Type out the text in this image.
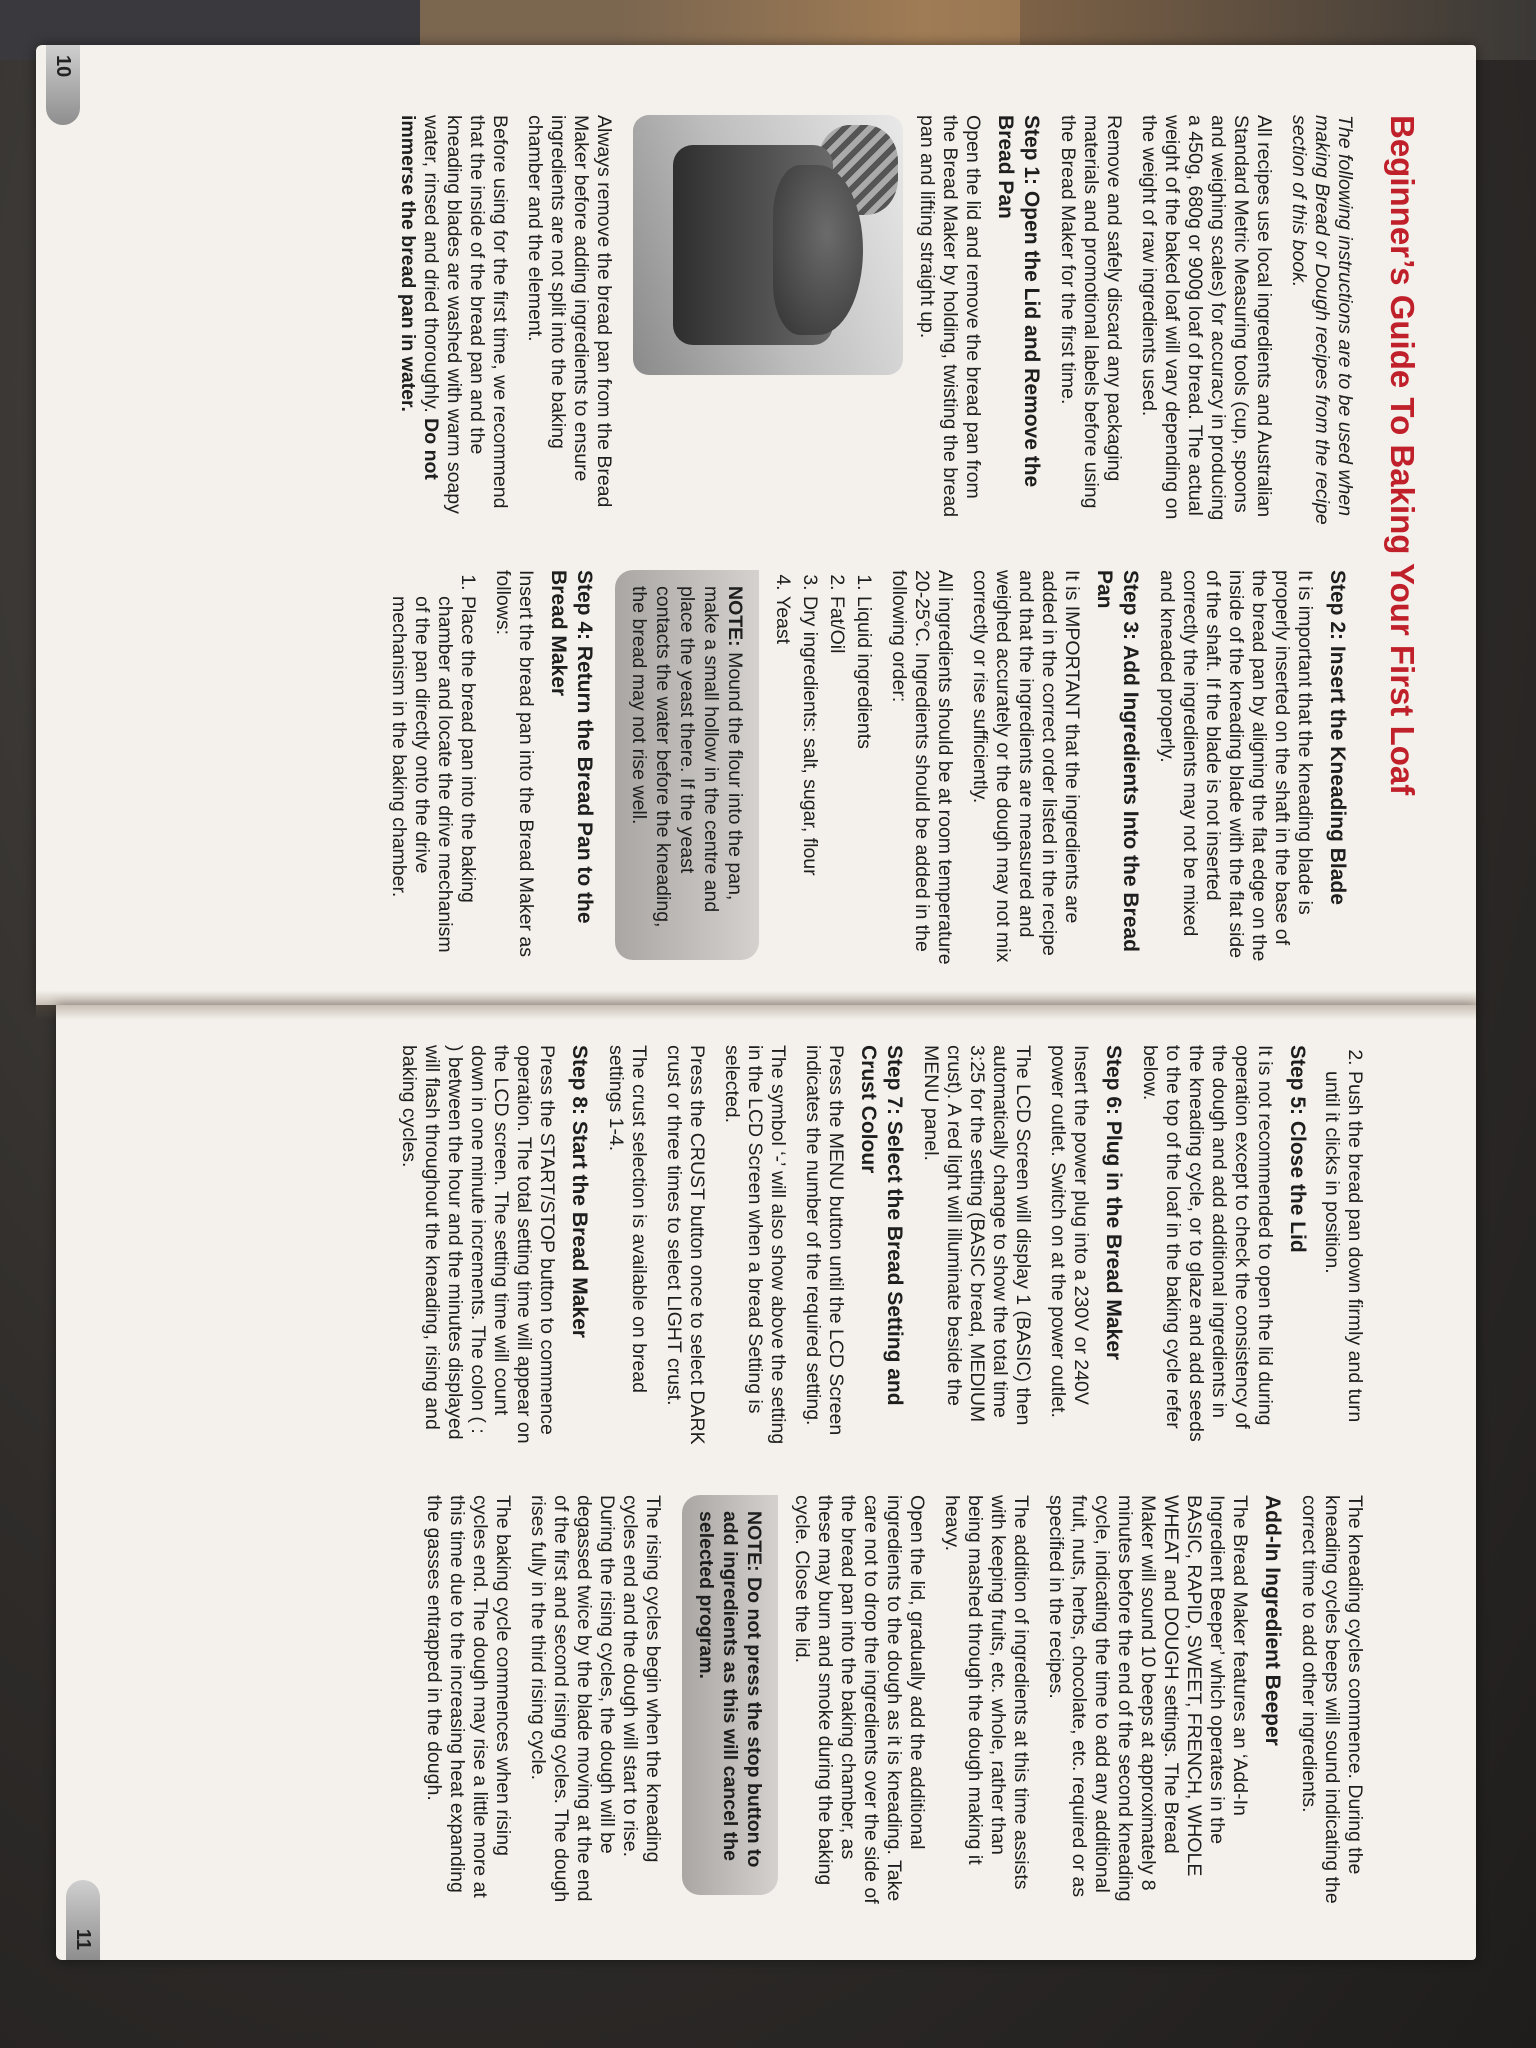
Beginner’s Guide To Baking Your First Loaf

The following instructions are to be used when making Bread or Dough recipes from the recipe section of this book.

All recipes use local ingredients and Australian Standard Metric Measuring tools (cup, spoons and weighing scales) for accuracy in producing a 450g, 680g or 900g loaf of bread. The actual weight of the baked loaf will vary depending on the weight of raw ingredients used.

Remove and safely discard any packaging materials and promotional labels before using the Bread Maker for the first time.

Step 1: Open the Lid and Remove the Bread Pan

Open the lid and remove the bread pan from the Bread Maker by holding, twisting the bread pan and lifting straight up.

Always remove the bread pan from the Bread Maker before adding ingredients to ensure ingredients are not split into the baking chamber and the element.

Before using for the first time, we recommend that the inside of the bread pan and the kneading blades are washed with warm soapy water, rinsed and dried thoroughly. Do not immerse the bread pan in water.

Step 2: Insert the Kneading Blade

It is important that the kneading blade is properly inserted on the shaft in the base of the bread pan by aligning the flat edge on the inside of the kneading blade with the flat side of the shaft. If the blade is not inserted correctly the ingredients may not be mixed and kneaded properly.

Step 3: Add Ingredients Into the Bread Pan

It is IMPORTANT that the ingredients are added in the correct order listed in the recipe and that the ingredients are measured and weighed accurately or the dough may not mix correctly or rise sufficiently.

All ingredients should be at room temperature 20-25°C. Ingredients should be added in the following order:

1. Liquid ingredients
2. Fat/Oil
3. Dry ingredients: salt, sugar, flour
4. Yeast
NOTE: Mound the flour into the pan, make a small hollow in the centre and place the yeast there. If the yeast contacts the water before the kneading, the bread may not rise well.
Step 4: Return the Bread Pan to the Bread Maker

Insert the bread pan into the Bread Maker as follows:

1. Place the bread pan into the baking chamber and locate the drive mechanism of the pan directly onto the drive mechanism in the baking chamber.
10
2. Push the bread pan down firmly and turn until it clicks in position.
Step 5: Close the Lid

It is not recommended to open the lid during operation except to check the consistency of the dough and add additional ingredients in the kneading cycle, or to glaze and add seeds to the top of the loaf in the baking cycle refer below.

Step 6: Plug in the Bread Maker

Insert the power plug into a 230V or 240V power outlet. Switch on at the power outlet.

The LCD Screen will display 1 (BASIC) then automatically change to show the total time 3:25 for the setting (BASIC bread, MEDIUM crust). A red light will illuminate beside the MENU panel.

Step 7: Select the Bread Setting and Crust Colour

Press the MENU button until the LCD Screen indicates the number of the required setting.

The symbol ‘-’ will also show above the setting in the LCD Screen when a bread Setting is selected.

Press the CRUST button once to select DARK crust or three times to select LIGHT crust.

The crust selection is available on bread settings 1-4.

Step 8: Start the Bread Maker

Press the START/STOP button to commence operation. The total setting time will appear on the LCD screen. The setting time will count down in one minute increments. The colon ( : ) between the hour and the minutes displayed will flash throughout the kneading, rising and baking cycles.

The kneading cycles commence. During the kneading cycles beeps will sound indicating the correct time to add other ingredients.

Add-In Ingredient Beeper

The Bread Maker features an ‘Add-In Ingredient Beeper’ which operates in the BASIC, RAPID, SWEET, FRENCH, WHOLE WHEAT and DOUGH settings. The Bread Maker will sound 10 beeps at approximately 8 minutes before the end of the second kneading cycle, indicating the time to add any additional fruit, nuts, herbs, chocolate, etc. required or as specified in the recipes.

The addition of ingredients at this time assists with keeping fruits, etc. whole, rather than being mashed through the dough making it heavy.

Open the lid, gradually add the additional ingredients to the dough as it is kneading. Take care not to drop the ingredients over the side of the bread pan into the baking chamber, as these may burn and smoke during the baking cycle. Close the lid.

NOTE: Do not press the stop button to add ingredients as this will cancel the selected program.

The rising cycles begin when the kneading cycles end and the dough will start to rise. During the rising cycles, the dough will be degassed twice by the blade moving at the end of the first and second rising cycles. The dough rises fully in the third rising cycle.

The baking cycle commences when rising cycles end. The dough may rise a little more at this time due to the increasing heat expanding the gasses entrapped in the dough.

11
